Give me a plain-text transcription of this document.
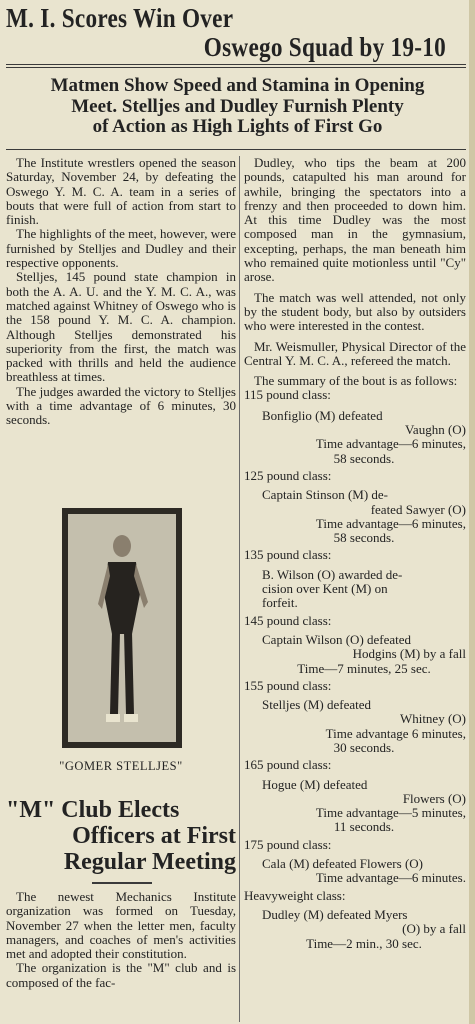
M. I. Scores Win Over
Oswego Squad by 19-10
Matmen Show Speed and Stamina in Opening
Meet. Stelljes and Dudley Furnish Plenty
of Action as High Lights of First Go

The Institute wrestlers opened the season Saturday, November 24, by defeating the Oswego Y. M. C. A. team in a series of bouts that were full of action from start to finish.

The highlights of the meet, however, were furnished by Stelljes and Dudley and their respective opponents.

Stelljes, 145 pound state champion in both the A. A. U. and the Y. M. C. A., was matched against Whitney of Oswego who is the 158 pound Y. M. C. A. champion. Although Stelljes demonstrated his superiority from the first, the match was packed with thrills and held the audience breathless at times.

The judges awarded the victory to Stelljes with a time advantage of 6 minutes, 30 seconds.

"GOMER STELLJES"
"M" Club Elects
Officers at First
Regular Meeting

The newest Mechanics Institute organization was formed on Tuesday, November 27 when the letter men, faculty managers, and coaches of men's activities met and adopted their constitution.

The organization is the "M" club and is composed of the fac-

Dudley, who tips the beam at 200 pounds, catapulted his man around for awhile, bringing the spectators into a frenzy and then proceeded to down him. At this time Dudley was the most composed man in the gymnasium, excepting, perhaps, the man beneath him who remained quite motionless until "Cy" arose.

The match was well attended, not only by the student body, but also by outsiders who were interested in the contest.

Mr. Weismuller, Physical Director of the Central Y. M. C. A., refereed the match.

The summary of the bout is as follows:

115 pound class:
Bonfiglio (M) defeated
Vaughn (O)
Time advantage—6 minutes,
58 seconds.
125 pound class:
Captain Stinson (M) de-
feated Sawyer (O)
Time advantage—6 minutes,
58 seconds.
135 pound class:
B. Wilson (O) awarded de-
cision over Kent (M) on
forfeit.
145 pound class:
Captain Wilson (O) defeated
Hodgins (M) by a fall
Time—7 minutes, 25 sec.
155 pound class:
Stelljes (M) defeated
Whitney (O)
Time advantage 6 minutes,
30 seconds.
165 pound class:
Hogue (M) defeated
Flowers (O)
Time advantage—5 minutes,
11 seconds.
175 pound class:
Cala (M) defeated Flowers (O)
Time advantage—6 minutes.
Heavyweight class:
Dudley (M) defeated Myers
(O) by a fall
Time—2 min., 30 sec.
